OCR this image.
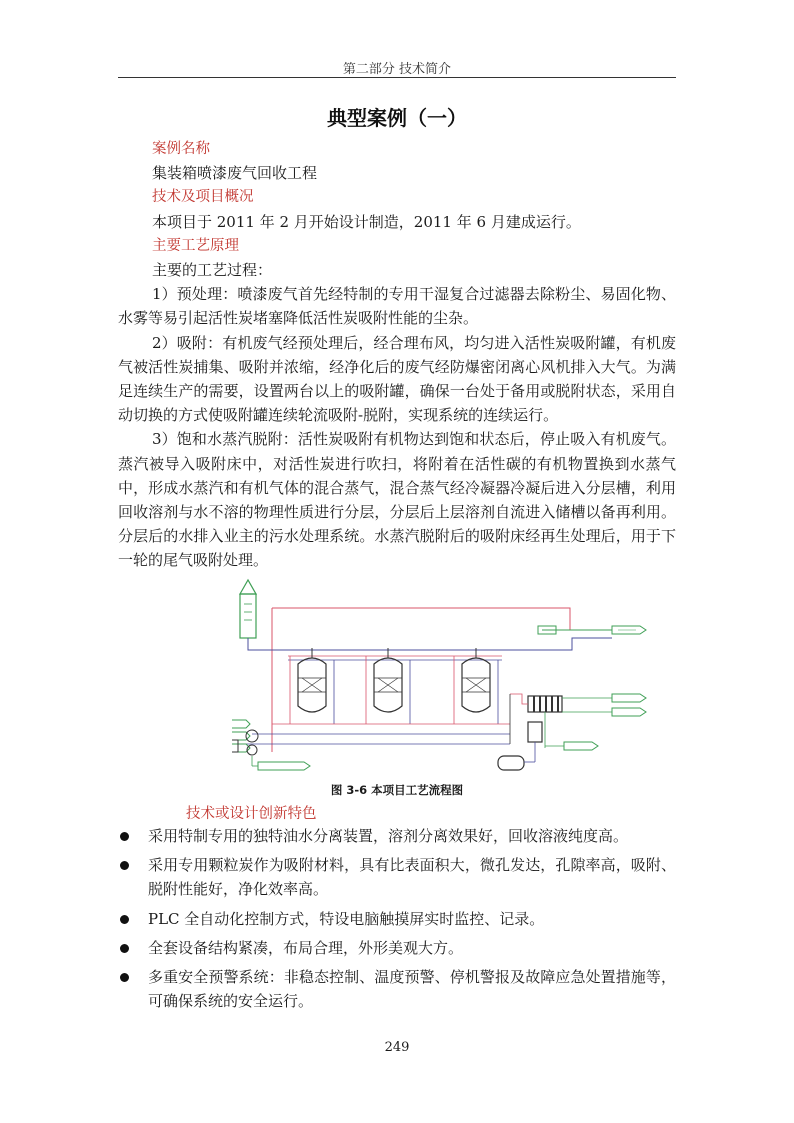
第二部分 技术简介
典型案例（一）
案例名称
集装箱喷漆废气回收工程
技术及项目概况
本项目于 2011 年 2 月开始设计制造，2011 年 6 月建成运行。
主要工艺原理
主要的工艺过程：
1）预处理：喷漆废气首先经特制的专用干湿复合过滤器去除粉尘、易固化物、水雾等易引起活性炭堵塞降低活性炭吸附性能的尘杂。
2）吸附：有机废气经预处理后，经合理布风，均匀进入活性炭吸附罐，有机废气被活性炭捕集、吸附并浓缩，经净化后的废气经防爆密闭离心风机排入大气。为满足连续生产的需要，设置两台以上的吸附罐，确保一台处于备用或脱附状态，采用自动切换的方式使吸附罐连续轮流吸附-脱附，实现系统的连续运行。
3）饱和水蒸汽脱附：活性炭吸附有机物达到饱和状态后，停止吸入有机废气。蒸汽被导入吸附床中，对活性炭进行吹扫，将附着在活性碳的有机物置换到水蒸气中，形成水蒸汽和有机气体的混合蒸气，混合蒸气经冷凝器冷凝后进入分层槽，利用回收溶剂与水不溶的物理性质进行分层，分层后上层溶剂自流进入储槽以备再利用。分层后的水排入业主的污水处理系统。水蒸汽脱附后的吸附床经再生处理后，用于下一轮的尾气吸附处理。
图 3-6 本项目工艺流程图
技术或设计创新特色
采用特制专用的独特油水分离装置，溶剂分离效果好，回收溶液纯度高。
采用专用颗粒炭作为吸附材料，具有比表面积大，微孔发达，孔隙率高，吸附、脱附性能好，净化效率高。
PLC 全自动化控制方式，特设电脑触摸屏实时监控、记录。
全套设备结构紧凑，布局合理，外形美观大方。
多重安全预警系统：非稳态控制、温度预警、停机警报及故障应急处置措施等，可确保系统的安全运行。
249
